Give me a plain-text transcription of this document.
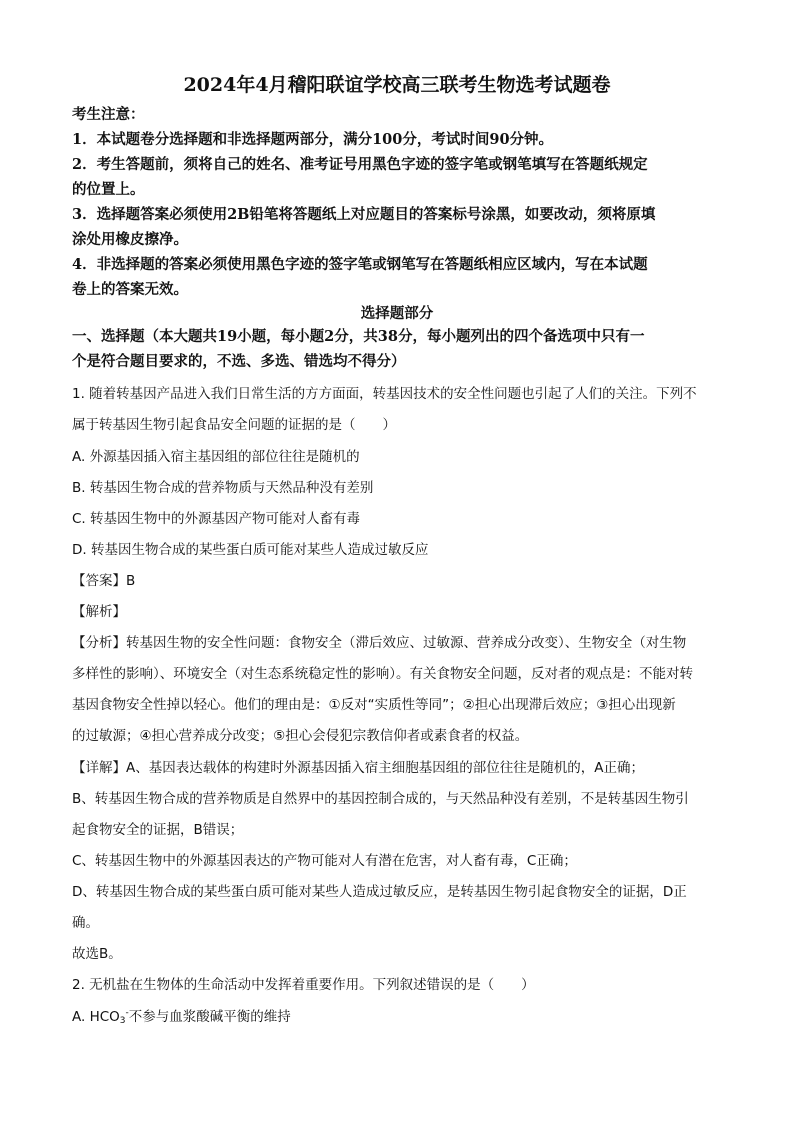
2024年4月稽阳联谊学校高三联考生物选考试题卷
考生注意：
1．本试题卷分选择题和非选择题两部分，满分100分，考试时间90分钟。
2．考生答题前，须将自己的姓名、准考证号用黑色字迹的签字笔或钢笔填写在答题纸规定
的位置上。
3．选择题答案必须使用2B铅笔将答题纸上对应题目的答案标号涂黑，如要改动，须将原填
涂处用橡皮擦净。
4．非选择题的答案必须使用黑色字迹的签字笔或钢笔写在答题纸相应区域内，写在本试题
卷上的答案无效。
选择题部分
一、选择题（本大题共19小题，每小题2分，共38分，每小题列出的四个备选项中只有一
个是符合题目要求的，不选、多选、错选均不得分）
1. 随着转基因产品进入我们日常生活的方方面面，转基因技术的安全性问题也引起了人们的关注。下列不
属于转基因生物引起食品安全问题的证据的是（　　）
A. 外源基因插入宿主基因组的部位往往是随机的
B. 转基因生物合成的营养物质与天然品种没有差别
C. 转基因生物中的外源基因产物可能对人畜有毒
D. 转基因生物合成的某些蛋白质可能对某些人造成过敏反应
【答案】B
【解析】
【分析】转基因生物的安全性问题：食物安全（滞后效应、过敏源、营养成分改变）、生物安全（对生物
多样性的影响）、环境安全（对生态系统稳定性的影响）。有关食物安全问题，反对者的观点是：不能对转
基因食物安全性掉以轻心。他们的理由是：①反对“实质性等同”；②担心出现滞后效应；③担心出现新
的过敏源；④担心营养成分改变；⑤担心会侵犯宗教信仰者或素食者的权益。
【详解】A、基因表达载体的构建时外源基因插入宿主细胞基因组的部位往往是随机的，A正确；
B、转基因生物合成的营养物质是自然界中的基因控制合成的，与天然品种没有差别，不是转基因生物引
起食物安全的证据，B错误；
C、转基因生物中的外源基因表达的产物可能对人有潜在危害，对人畜有毒，C正确；
D、转基因生物合成的某些蛋白质可能对某些人造成过敏反应，是转基因生物引起食物安全的证据，D正
确。
故选B。
2. 无机盐在生物体的生命活动中发挥着重要作用。下列叙述错误的是（　　）
A. $HCO_3^-$不参与血浆酸碱平衡的维持
